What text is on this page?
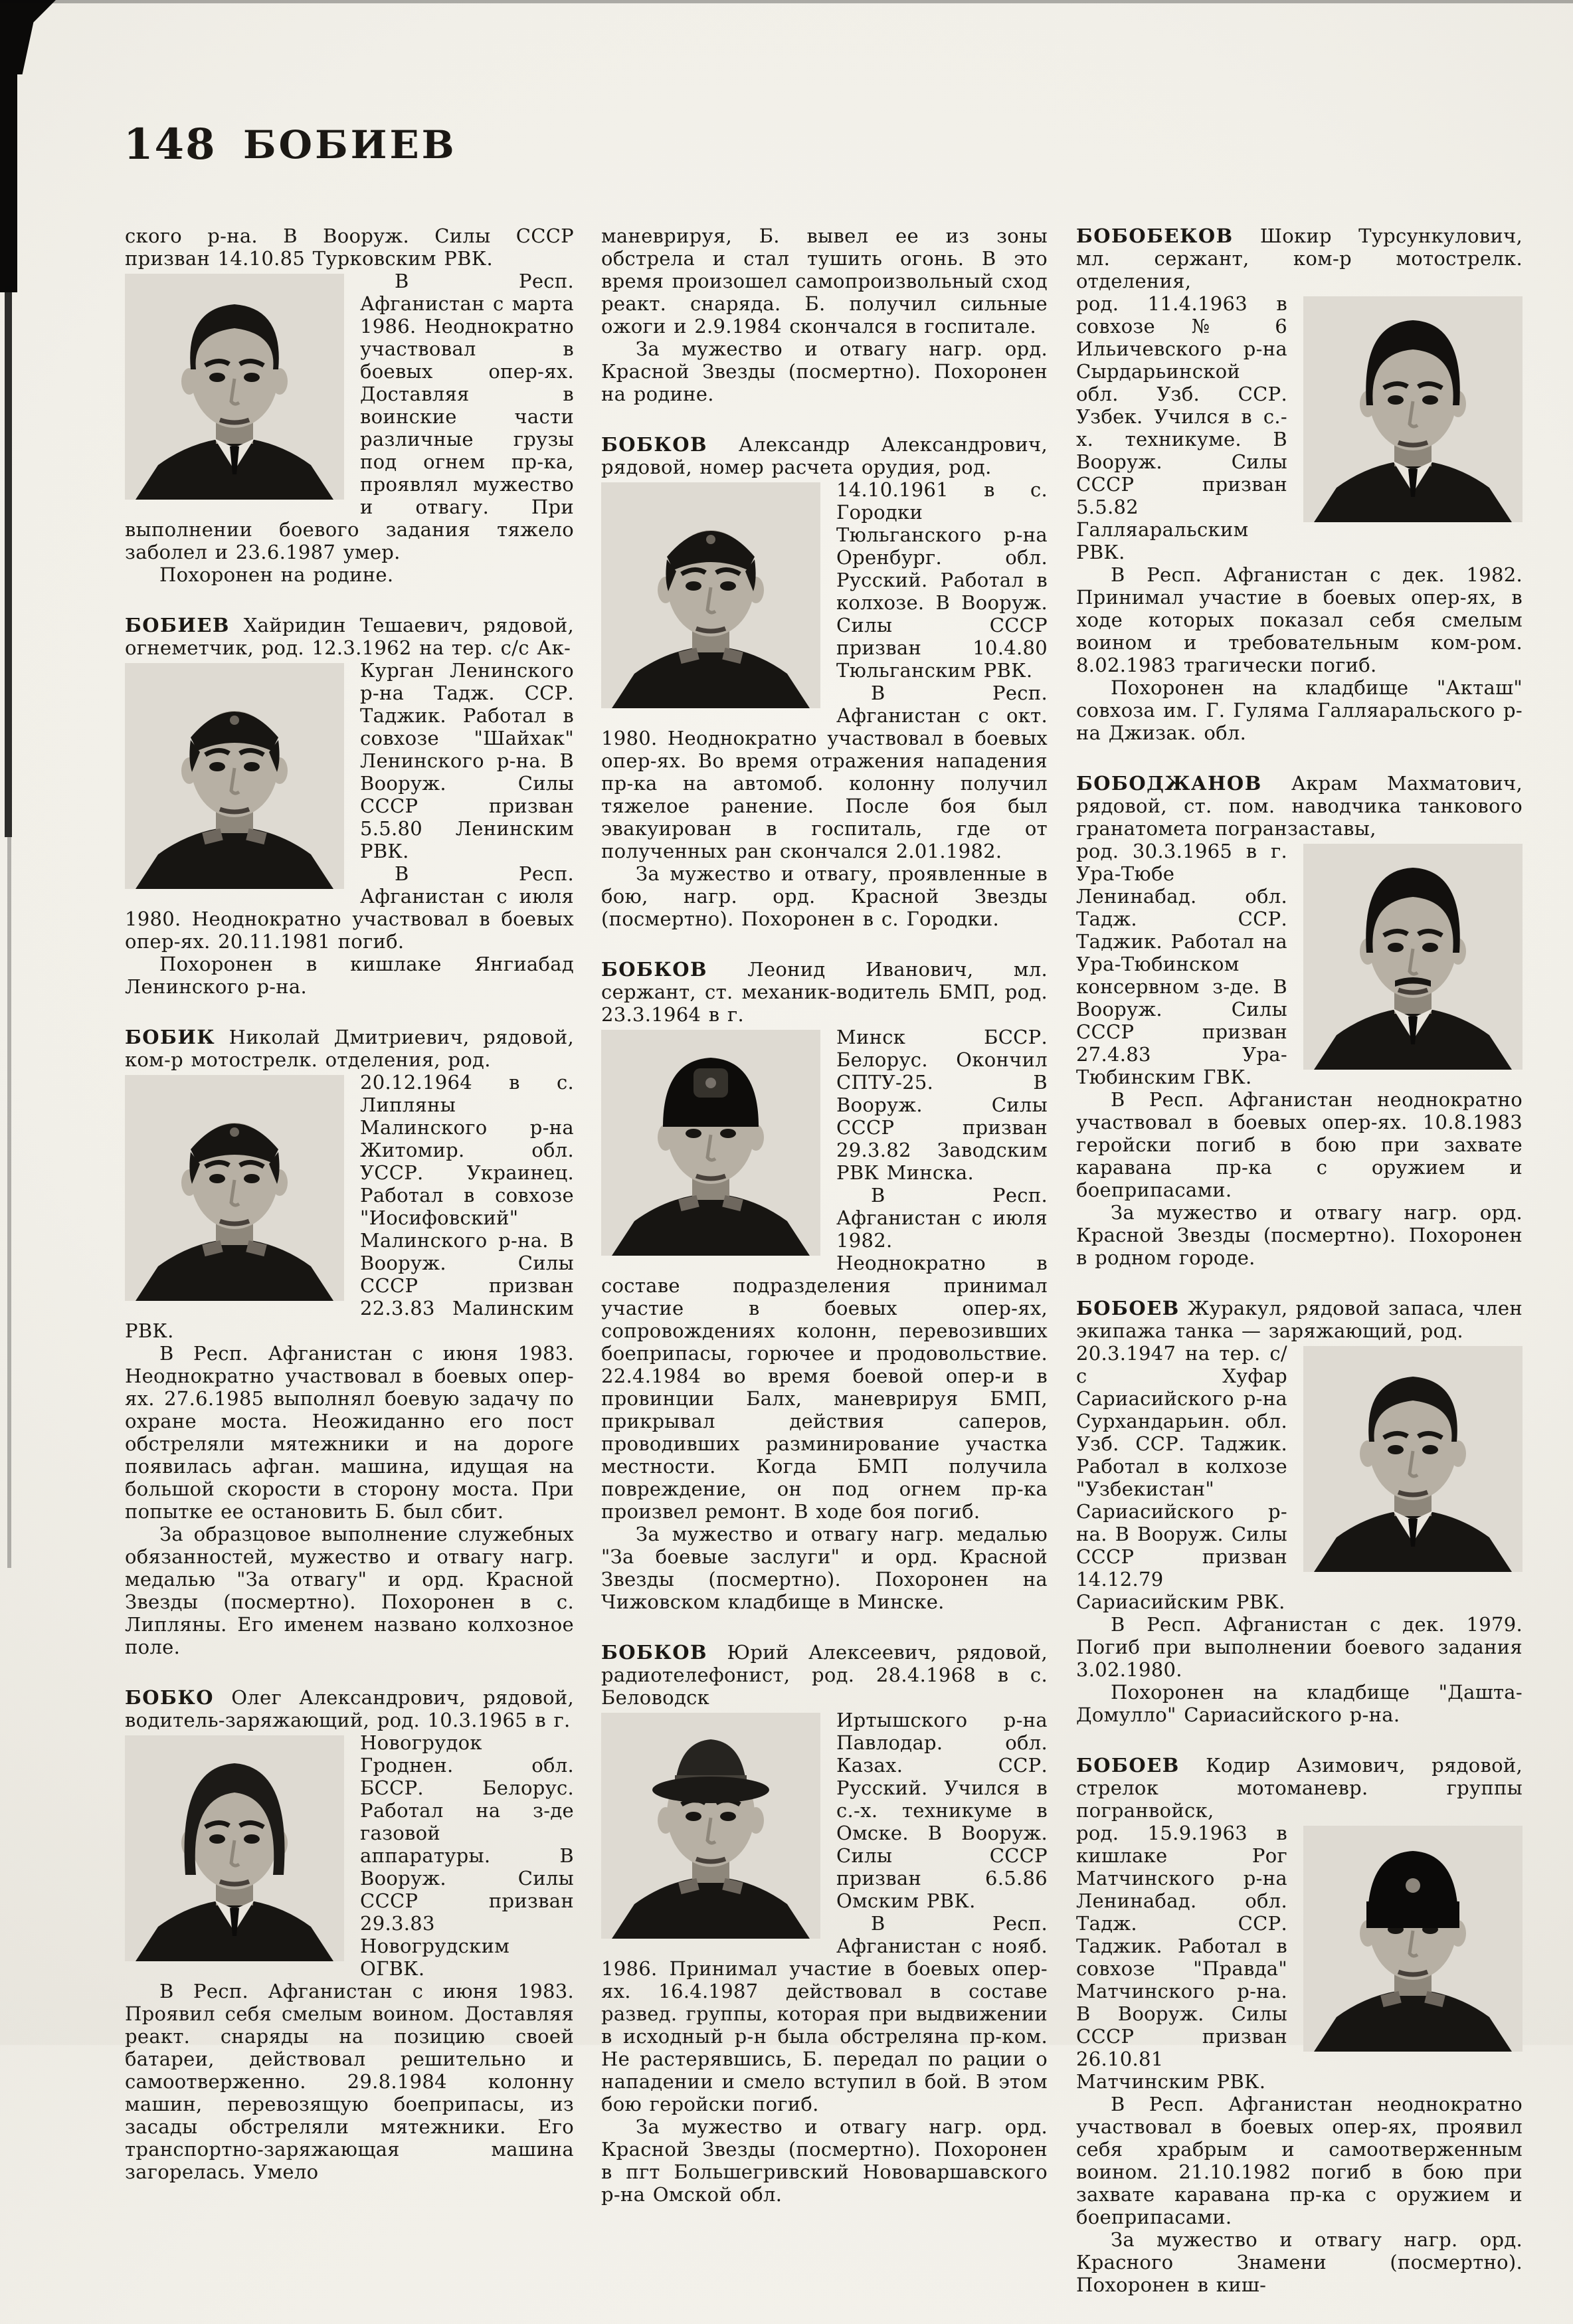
148 БОБИЕВ

ского р-на. В Вооруж. Силы СССР призван 14.10.85 Турковским РВК.

В Респ. Афганистан с марта 1986. Неоднократно участвовал в боевых опер-ях. Доставляя в воинские части различные грузы под огнем пр-ка, проявлял мужество и отвагу. При выполнении боевого задания тяжело заболел и 23.6.1987 умер.

Похоронен на родине.

БОБИЕВ Хайридин Тешаевич, рядовой, огнеметчик, род. 12.3.1962 на тер. с/с Ак-

Курган Ленинского р-на Тадж. ССР. Таджик. Работал в совхозе "Шайхак" Ленинского р-на. В Вооруж. Силы СССР призван 5.5.80 Ленинским РВК.

В Респ. Афганистан с июля 1980. Неоднократно участвовал в боевых опер-ях. 20.11.1981 погиб.

Похоронен в кишлаке Янгиабад Ленинского р-на.

БОБИК Николай Дмитриевич, рядовой, ком-р мотострелк. отделения, род.

20.12.1964 в с. Липляны Малинского р-на Житомир. обл. УССР. Украинец. Работал в совхозе "Иосифовский" Малинского р-на. В Вооруж. Силы СССР призван 22.3.83 Малинским РВК.

В Респ. Афганистан с июня 1983. Неоднократно участвовал в боевых опер-ях. 27.6.1985 выполнял боевую задачу по охране моста. Неожиданно его пост обстреляли мятежники и на дороге появилась афган. машина, идущая на большой скорости в сторону моста. При попытке ее остановить Б. был сбит.

За образцовое выполнение служебных обязанностей, мужество и отвагу нагр. медалью "За отвагу" и орд. Красной Звезды (посмертно). Похоронен в с. Липляны. Его именем названо колхозное поле.

БОБКО Олег Александрович, рядовой, водитель-заряжающий, род. 10.3.1965 в г.

Новогрудок Гроднен. обл. БССР. Белорус. Работал на з-де газовой аппаратуры. В Вооруж. Силы СССР призван 29.3.83 Новогрудским ОГВК.

В Респ. Афганистан с июня 1983. Проявил себя смелым воином. Доставляя реакт. снаряды на позицию своей батареи, действовал решительно и самоотверженно. 29.8.1984 колонну машин, перевозящую боеприпасы, из засады обстреляли мятежники. Его транспортно-заряжающая машина загорелась. Умело

маневрируя, Б. вывел ее из зоны обстрела и стал тушить огонь. В это время произошел самопроизвольный сход реакт. снаряда. Б. получил сильные ожоги и 2.9.1984 скончался в госпитале.

За мужество и отвагу нагр. орд. Красной Звезды (посмертно). Похоронен на родине.

БОБКОВ Александр Александрович, рядовой, номер расчета орудия, род.

14.10.1961 в с. Городки Тюльганского р-на Оренбург. обл. Русский. Работал в колхозе. В Вооруж. Силы СССР призван 10.4.80 Тюльганским РВК.

В Респ. Афганистан с окт. 1980. Неоднократно участвовал в боевых опер-ях. Во время отражения нападения пр-ка на автомоб. колонну получил тяжелое ранение. После боя был эвакуирован в госпиталь, где от полученных ран скончался 2.01.1982.

За мужество и отвагу, проявленные в бою, нагр. орд. Красной Звезды (посмертно). Похоронен в с. Городки.

БОБКОВ Леонид Иванович, мл. сержант, ст. механик-водитель БМП, род. 23.3.1964 в г.

Минск БССР. Белорус. Окончил СПТУ-25. В Вооруж. Силы СССР призван 29.3.82 Заводским РВК Минска.

В Респ. Афганистан с июля 1982. Неоднократно в составе подразделения принимал участие в боевых опер-ях, сопровождениях колонн, перевозивших боеприпасы, горючее и продовольствие. 22.4.1984 во время боевой опер-и в провинции Балх, маневрируя БМП, прикрывал действия саперов, проводивших разминирование участка местности. Когда БМП получила повреждение, он под огнем пр-ка произвел ремонт. В ходе боя погиб.

За мужество и отвагу нагр. медалью "За боевые заслуги" и орд. Красной Звезды (посмертно). Похоронен на Чижовском кладбище в Минске.

БОБКОВ Юрий Алексеевич, рядовой, радиотелефонист, род. 28.4.1968 в с. Беловодск

Иртышского р-на Павлодар. обл. Казах. ССР. Русский. Учился в с.-х. техникуме в Омске. В Вооруж. Силы СССР призван 6.5.86 Омским РВК.

В Респ. Афганистан с нояб. 1986. Принимал участие в боевых опер-ях. 16.4.1987 действовал в составе развед. группы, которая при выдвижении в исходный р-н была обстреляна пр-ком. Не растерявшись, Б. передал по рации о нападении и смело вступил в бой. В этом бою геройски погиб.

За мужество и отвагу нагр. орд. Красной Звезды (посмертно). Похоронен в пгт Большегривский Нововаршавского р-на Омской обл.

БОБОБЕКОВ Шокир Турсункулович, мл. сержант, ком-р мотострелк. отделения,

род. 11.4.1963 в совхозе № 6 Ильичевского р-на Сырдарьинской обл. Узб. ССР. Узбек. Учился в с.-х. техникуме. В Вооруж. Силы СССР призван 5.5.82 Галляаральским РВК.

В Респ. Афганистан с дек. 1982. Принимал участие в боевых опер-ях, в ходе которых показал себя смелым воином и требовательным ком-ром. 8.02.1983 трагически погиб.

Похоронен на кладбище "Акташ" совхоза им. Г. Гуляма Галляаральского р-на Джизак. обл.

БОБОДЖАНОВ Акрам Махматович, рядовой, ст. пом. наводчика танкового гранатомета погранзаставы,

род. 30.3.1965 в г. Ура-Тюбе Ленинабад. обл. Тадж. ССР. Таджик. Работал на Ура-Тюбинском консервном з-де. В Вооруж. Силы СССР призван 27.4.83 Ура-Тюбинским ГВК.

В Респ. Афганистан неоднократно участвовал в боевых опер-ях. 10.8.1983 геройски погиб в бою при захвате каравана пр-ка с оружием и боеприпасами.

За мужество и отвагу нагр. орд. Красной Звезды (посмертно). Похоронен в родном городе.

БОБОЕВ Журакул, рядовой запаса, член экипажа танка — заряжающий, род.

20.3.1947 на тер. с/с Хуфар Сариасийского р-на Сурхандарьин. обл. Узб. ССР. Таджик. Работал в колхозе "Узбекистан" Сариасийского р-на. В Вооруж. Силы СССР призван 14.12.79 Сариасийским РВК.

В Респ. Афганистан с дек. 1979. Погиб при выполнении боевого задания 3.02.1980.

Похоронен на кладбище "Дашта-Домулло" Сариасийского р-на.

БОБОЕВ Кодир Азимович, рядовой, стрелок мотоманевр. группы погранвойск,

род. 15.9.1963 в кишлаке Рог Матчинского р-на Ленинабад. обл. Тадж. ССР. Таджик. Работал в совхозе "Правда" Матчинского р-на. В Вооруж. Силы СССР призван 26.10.81 Матчинским РВК.

В Респ. Афганистан неоднократно участвовал в боевых опер-ях, проявил себя храбрым и самоотверженным воином. 21.10.1982 погиб в бою при захвате каравана пр-ка с оружием и боеприпасами.

За мужество и отвагу нагр. орд. Красного Знамени (посмертно). Похоронен в киш-
